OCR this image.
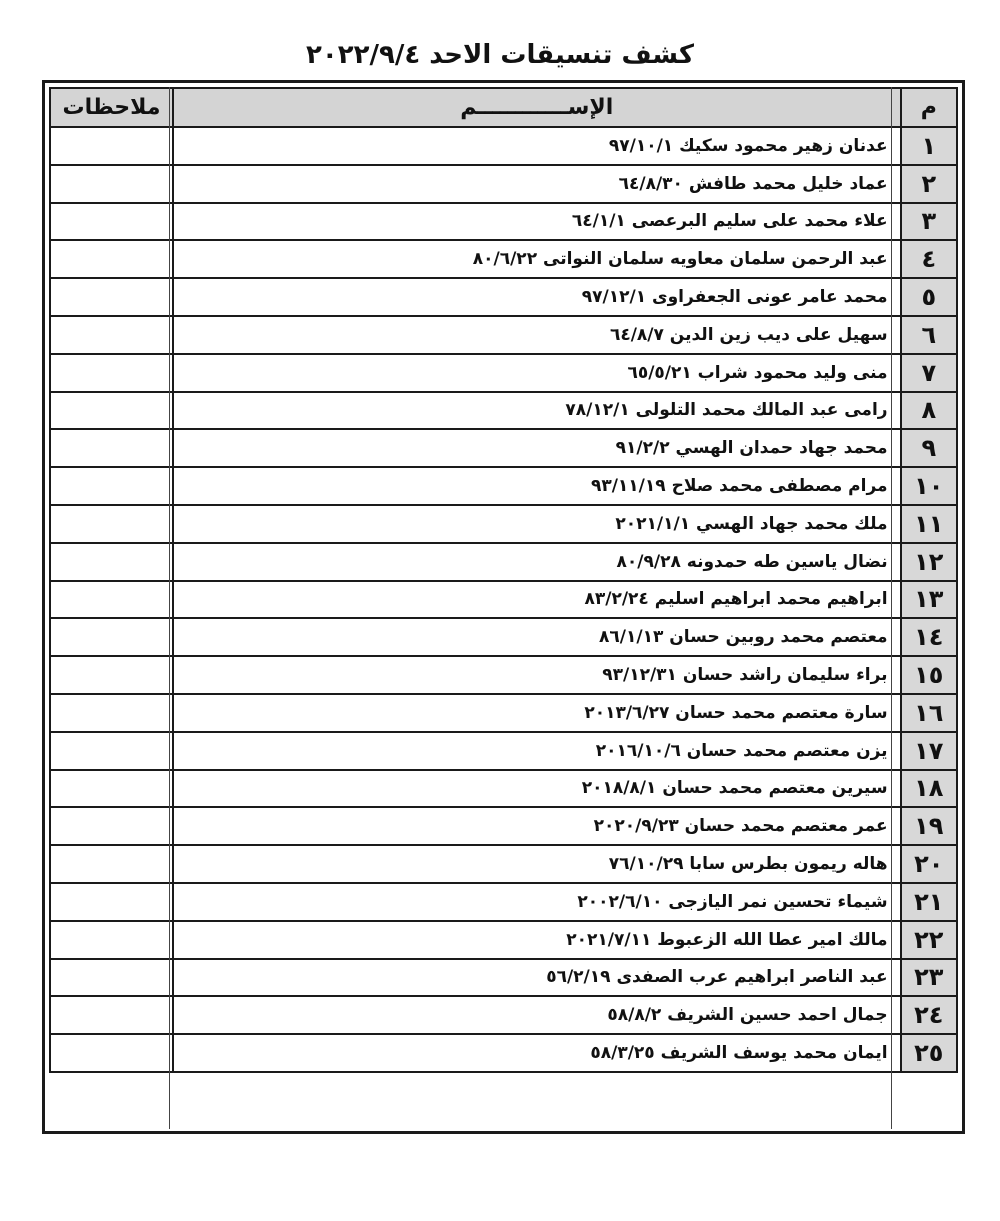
كشف تنسيقات الاحد ٢٠٢٢/٩/٤
م	الإســــــــــــم	ملاحظات
١	عدنان زهير محمود سكيك ٩٧/١٠/١	
٢	عماد خليل محمد طافش ٦٤/٨/٣٠	
٣	علاء محمد على سليم البرعصى ٦٤/١/١	
٤	عبد الرحمن سلمان معاويه سلمان النواتى ٨٠/٦/٢٢	
٥	محمد عامر عونى الجعفراوى ٩٧/١٢/١	
٦	سهيل على ديب زين الدين ٦٤/٨/٧	
٧	منى وليد محمود شراب ٦٥/٥/٢١	
٨	رامى عبد المالك محمد التلولى ٧٨/١٢/١	
٩	محمد جهاد حمدان الهسي ٩١/٢/٢	
١٠	مرام مصطفى محمد صلاح ٩٣/١١/١٩	
١١	ملك محمد جهاد الهسي ٢٠٢١/١/١	
١٢	نضال ياسين طه حمدونه ٨٠/٩/٢٨	
١٣	ابراهيم محمد ابراهيم اسليم ٨٣/٢/٢٤	
١٤	معتصم محمد روبين حسان ٨٦/١/١٣	
١٥	براء سليمان راشد حسان ٩٣/١٢/٣١	
١٦	سارة معتصم محمد حسان ٢٠١٣/٦/٢٧	
١٧	يزن معتصم محمد حسان ٢٠١٦/١٠/٦	
١٨	سيرين معتصم محمد حسان ٢٠١٨/٨/١	
١٩	عمر معتصم محمد حسان ٢٠٢٠/٩/٢٣	
٢٠	هاله ريمون بطرس سابا ٧٦/١٠/٢٩	
٢١	شيماء تحسين نمر اليازجى ٢٠٠٢/٦/١٠	
٢٢	مالك امير عطا الله الزعبوط ٢٠٢١/٧/١١	
٢٣	عبد الناصر ابراهيم عرب الصفدى ٥٦/٢/١٩	
٢٤	جمال احمد حسين الشريف ٥٨/٨/٢	
٢٥	ايمان محمد يوسف الشريف ٥٨/٣/٢٥	
